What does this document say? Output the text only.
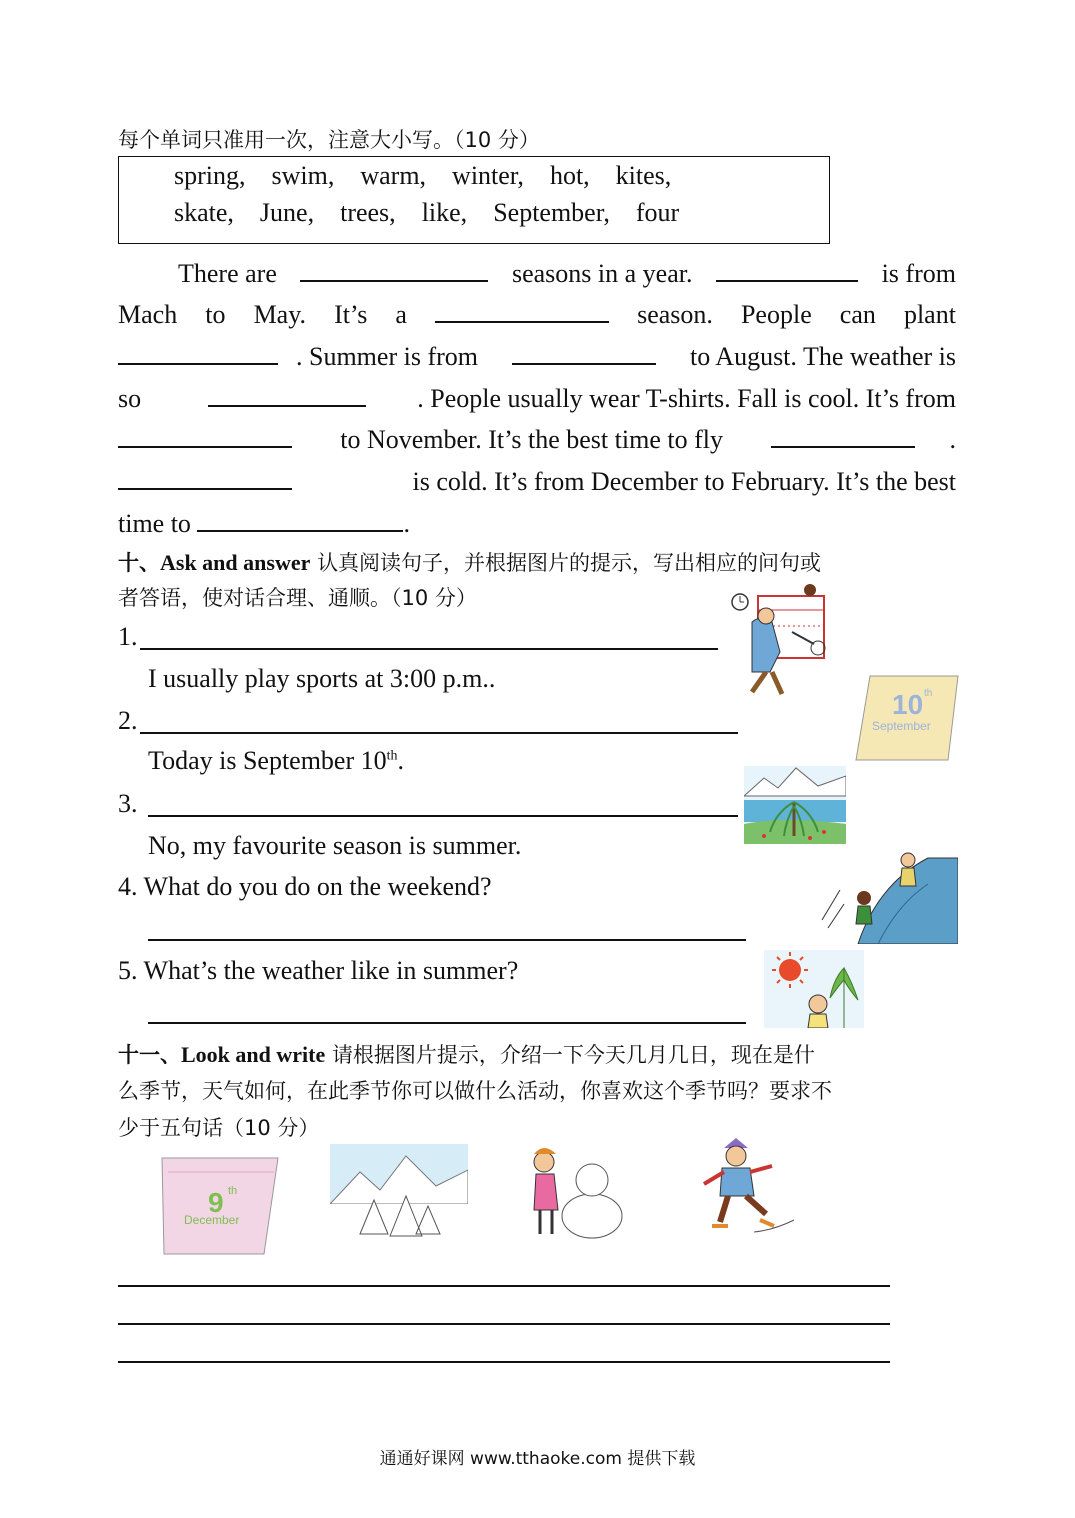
每个单词只准用一次，注意大小写。（10 分）
spring, swim, warm, winter, hot, kites,
skate, June, trees, like, September, four
There are	seasons in a year.	is from
Mach to May. It’s a	season. People can plant
. Summer is from	to August. The weather is
so	. People usually wear T-shirts. Fall is cool. It’s from
to November. It’s the best time to fly	.
is cold. It’s from December to February. It’s the best
time to	.
十、Ask and answer 认真阅读句子，并根据图片的提示，写出相应的问句或
者答语，使对话合理、通顺。（10 分）
1.
I usually play sports at 3:00 p.m..
2.
Today is September 10th.
3.
No, my favourite season is summer.
4. What do you do on the weekend?
5. What’s the weather like in summer?
10 th
September
十一、Look and write 请根据图片提示，介绍一下今天几月几日，现在是什
么季节，天气如何，在此季节你可以做什么活动，你喜欢这个季节吗？要求不
少于五句话（10 分）
9 th
December
通通好课网 www.tthaoke.com 提供下载
